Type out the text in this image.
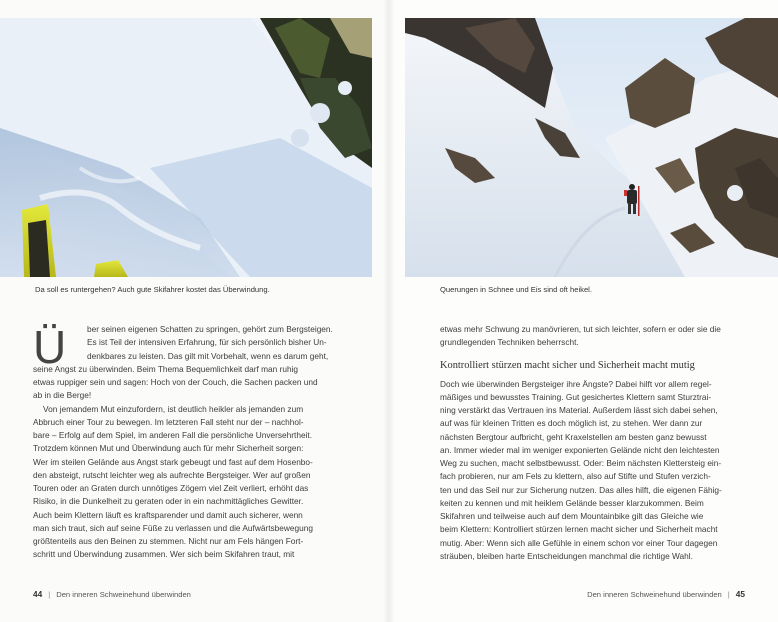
Da soll es runtergehen? Auch gute Skifahrer kostet das Überwindung.	Querungen in Schnee und Eis sind oft heikel.
Ü	ber seinen eigenen Schatten zu springen, gehört zum Bergsteigen.
Es ist Teil der intensiven Erfahrung, für sich persönlich bisher Un-
denkbares zu leisten. Das gilt mit Vorbehalt, wenn es darum geht,
seine Angst zu überwinden. Beim Thema Bequemlichkeit darf man ruhig
etwas ruppiger sein und sagen: Hoch von der Couch, die Sachen packen und
ab in die Berge!
Von jemandem Mut einzufordern, ist deutlich heikler als jemanden zum
Abbruch einer Tour zu bewegen. Im letzteren Fall steht nur der – nachhol-
bare – Erfolg auf dem Spiel, im anderen Fall die persönliche Unversehrtheit.
Trotzdem können Mut und Überwindung auch für mehr Sicherheit sorgen:
Wer im steilen Gelände aus Angst stark gebeugt und fast auf dem Hosenbo-
den absteigt, rutscht leichter weg als aufrechte Bergsteiger. Wer auf großen
Touren oder an Graten durch unnötiges Zögern viel Zeit verliert, erhöht das
Risiko, in die Dunkelheit zu geraten oder in ein nachmittägliches Gewitter.
Auch beim Klettern läuft es kraftsparender und damit auch sicherer, wenn
man sich traut, sich auf seine Füße zu verlassen und die Aufwärtsbewegung
größtenteils aus den Beinen zu stemmen. Nicht nur am Fels hängen Fort-
schritt und Überwindung zusammen. Wer sich beim Skifahren traut, mit
etwas mehr Schwung zu manövrieren, tut sich leichter, sofern er oder sie die
grundlegenden Techniken beherrscht.
Kontrolliert stürzen macht sicher und Sicherheit macht mutig
Doch wie überwinden Bergsteiger ihre Ängste? Dabei hilft vor allem regel-
mäßiges und bewusstes Training. Gut gesichertes Klettern samt Sturztrai-
ning verstärkt das Vertrauen ins Material. Außerdem lässt sich dabei sehen,
auf was für kleinen Tritten es doch möglich ist, zu stehen. Wer dann zur
nächsten Bergtour aufbricht, geht Kraxelstellen am besten ganz bewusst
an. Immer wieder mal im weniger exponierten Gelände nicht den leichtesten
Weg zu suchen, macht selbstbewusst. Oder: Beim nächsten Klettersteig ein-
fach probieren, nur am Fels zu klettern, also auf Stifte und Stufen verzich-
ten und das Seil nur zur Sicherung nutzen. Das alles hilft, die eigenen Fähig-
keiten zu kennen und mit heiklem Gelände besser klarzukommen. Beim
Skifahren und teilweise auch auf dem Mountainbike gilt das Gleiche wie
beim Klettern: Kontrolliert stürzen lernen macht sicher und Sicherheit macht
mutig. Aber: Wenn sich alle Gefühle in einem schon vor einer Tour dagegen
sträuben, bleiben harte Entscheidungen manchmal die richtige Wahl.
44 | Den inneren Schweinehund überwinden	Den inneren Schweinehund überwinden | 45
